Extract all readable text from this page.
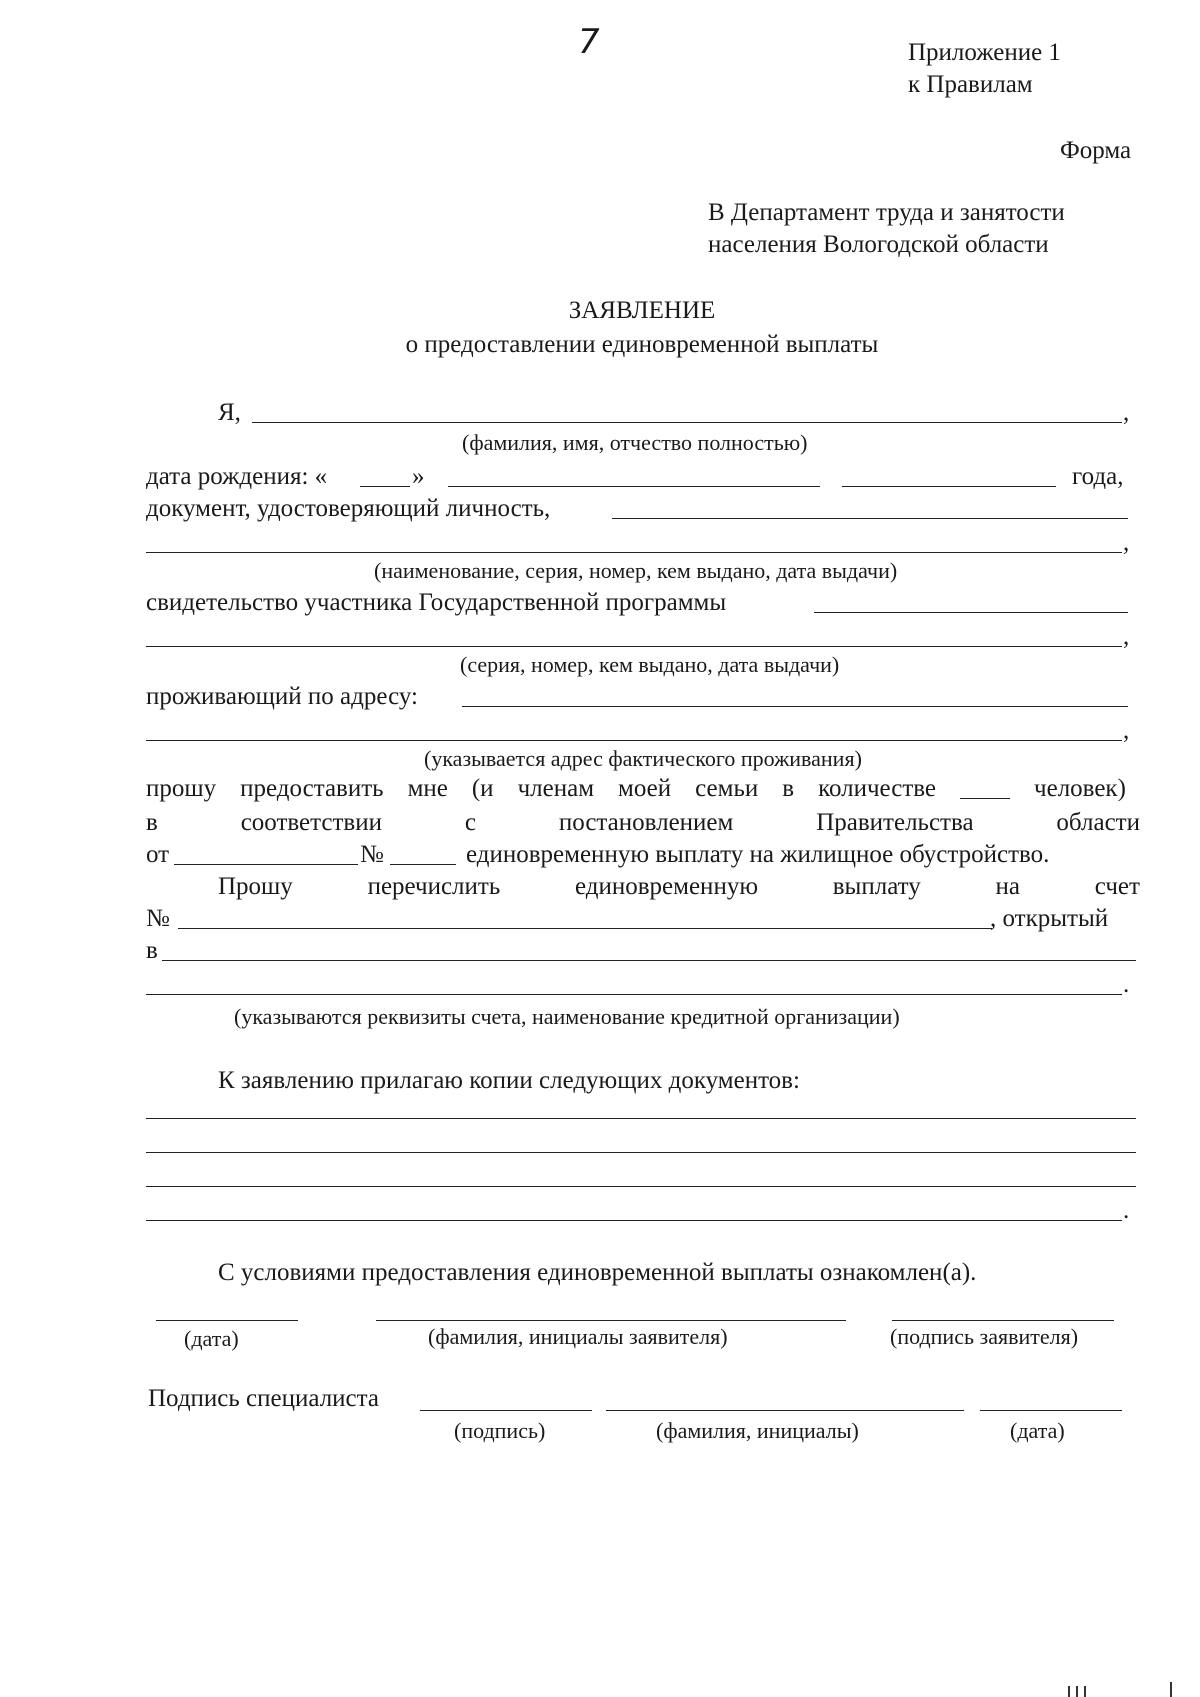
7	Приложение 1
к Правилам
Форма
В Департамент труда и занятости
населения Вологодской области
ЗАЯВЛЕНИЕ
о предоставлении единовременной выплаты
Я,	,
(фамилия, имя, отчество полностью)
дата рождения: «	»	года,
документ, удостоверяющий личность,
,
(наименование, серия, номер, кем выдано, дата выдачи)
свидетельство участника Государственной программы
,
(серия, номер, кем выдано, дата выдачи)
проживающий по адресу:
,
(указывается адрес фактического проживания)
прошу предоставить мне (и членам моей семьи в количестве	человек)
в	соответствии	с	постановлением	Правительства	области
от	№	единовременную выплату на жилищное обустройство.
Прошу	перечислить	единовременную	выплату	на	счет
№	, открытый
в
.
(указываются реквизиты счета, наименование кредитной организации)
К заявлению прилагаю копии следующих документов:
.
С условиями предоставления единовременной выплаты ознакомлен(а).
(дата)	(фамилия, инициалы заявителя)	(подпись заявителя)
Подпись специалиста
(подпись)	(фамилия, инициалы)	(дата)
